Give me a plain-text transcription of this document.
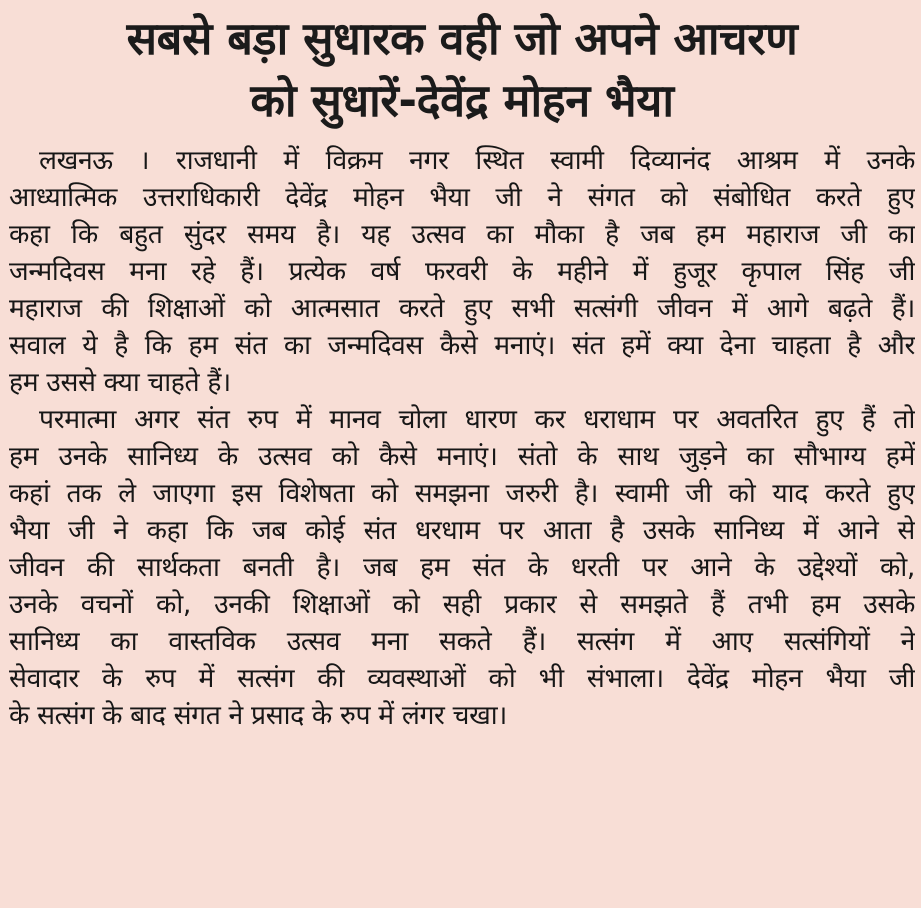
सबसे बड़ा सुधारक वही जो अपने आचरण
को सुधारें-देवेंद्र मोहन भैया
लखनऊ । राजधानी में विक्रम नगर स्थित स्वामी दिव्यानंद आश्रम में उनके
आध्यात्मिक उत्तराधिकारी देवेंद्र मोहन भैया जी ने संगत को संबोधित करते हुए
कहा कि बहुत सुंदर समय है। यह उत्सव का मौका है जब हम महाराज जी का
जन्मदिवस मना रहे हैं। प्रत्येक वर्ष फरवरी के महीने में हुजूर कृपाल सिंह जी
महाराज की शिक्षाओं को आत्मसात करते हुए सभी सत्संगी जीवन में आगे बढ़ते हैं।
सवाल ये है कि हम संत का जन्मदिवस कैसे मनाएं। संत हमें क्या देना चाहता है और
हम उससे क्या चाहते हैं।
परमात्मा अगर संत रुप में मानव चोला धारण कर धराधाम पर अवतरित हुए हैं तो
हम उनके सानिध्य के उत्सव को कैसे मनाएं। संतो के साथ जुड़ने का सौभाग्य हमें
कहां तक ले जाएगा इस विशेषता को समझना जरुरी है। स्वामी जी को याद करते हुए
भैया जी ने कहा कि जब कोई संत धरधाम पर आता है उसके सानिध्य में आने से
जीवन की सार्थकता बनती है। जब हम संत के धरती पर आने के उद्देश्यों को,
उनके वचनों को, उनकी शिक्षाओं को सही प्रकार से समझते हैं तभी हम उसके
सानिध्य का वास्तविक उत्सव मना सकते हैं। सत्संग में आए सत्संगियों ने
सेवादार के रुप में सत्संग की व्यवस्थाओं को भी संभाला। देवेंद्र मोहन भैया जी
के सत्संग के बाद संगत ने प्रसाद के रुप में लंगर चखा।
